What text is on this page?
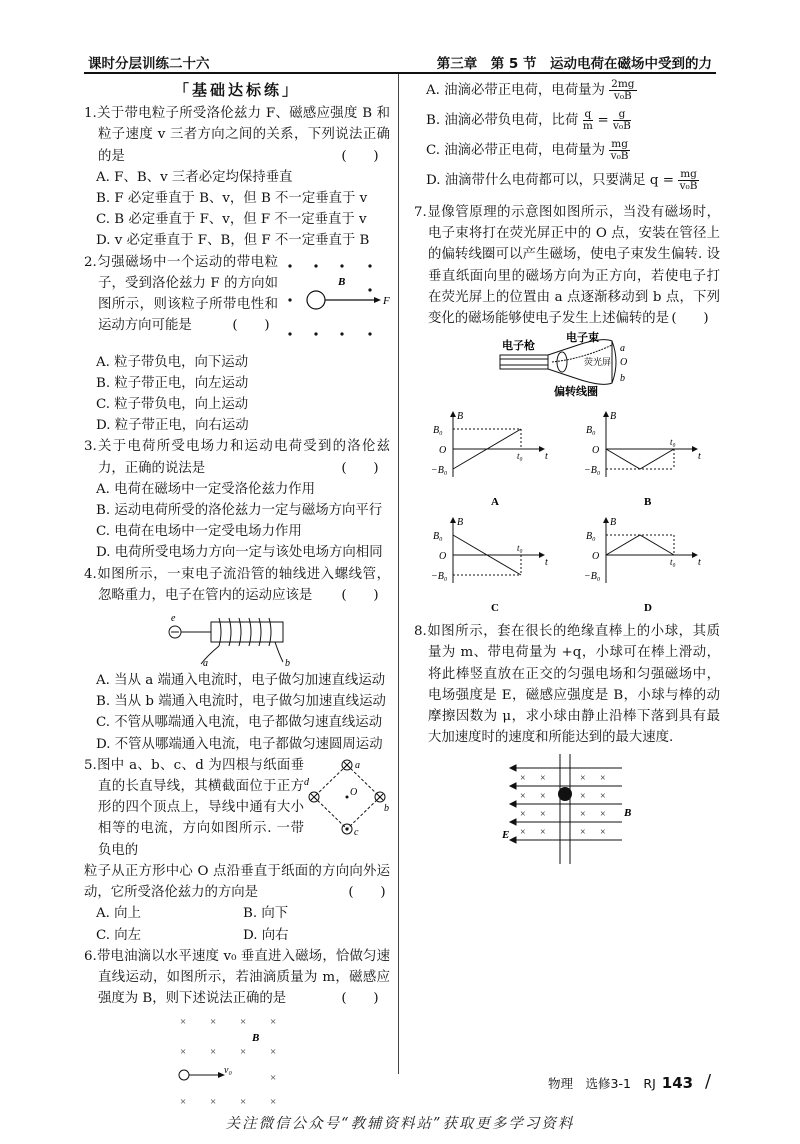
课时分层训练二十六	第三章　第 5 节　运动电荷在磁场中受到的力
「基础达标练」
1.关于带电粒子所受洛伦兹力 F、磁感应强度 B 和粒子速度 v 三者方向之间的关系，下列说法正确的是	(　　)
A. F、B、v 三者必定均保持垂直
B. F 必定垂直于 B、v，但 B 不一定垂直于 v
C. B 必定垂直于 F、v，但 F 不一定垂直于 v
D. v 必定垂直于 F、B，但 F 不一定垂直于 B
2.匀强磁场中一个运动的带电粒子，受到洛伦兹力 F 的方向如图所示，则该粒子所带电性和运动方向可能是	(　　)
F
B
A. 粒子带负电，向下运动
B. 粒子带正电，向左运动
C. 粒子带负电，向上运动
D. 粒子带正电，向右运动
3.关于电荷所受电场力和运动电荷受到的洛伦兹力，正确的说法是	(　　)
A. 电荷在磁场中一定受洛伦兹力作用
B. 运动电荷所受的洛伦兹力一定与磁场方向平行
C. 电荷在电场中一定受电场力作用
D. 电荷所受电场力方向一定与该处电场方向相同
4.如图所示，一束电子流沿管的轴线进入螺线管，忽略重力，电子在管内的运动应该是 (　　)
e
a	b
A. 当从 a 端通入电流时，电子做匀加速直线运动
B. 当从 b 端通入电流时，电子做匀加速直线运动
C. 不管从哪端通入电流，电子都做匀速直线运动
D. 不管从哪端通入电流，电子都做匀速圆周运动
5.图中 a、b、c、d 为四根与纸面垂直的长直导线，其横截面位于正方形的四个顶点上，导线中通有大小相等的电流，方向如图所示. 一带负电的
a
b
c
d
O
粒子从正方形中心 O 点沿垂直于纸面的方向向外运动，它所受洛伦兹力的方向是	(　　)
A. 向上	B. 向下
C. 向左	D. 向右
6.带电油滴以水平速度 v₀ 垂直进入磁场，恰做匀速直线运动，如图所示，若油滴质量为 m，磁感应强度为 B，则下述说法正确的是	(　　)
× × × ×
× × × ×
×
× × × ×
B
v₀
A. 油滴必带正电荷，电荷量为 $\frac{2mg}{\text{v₀B}}$
B. 油滴必带负电荷，比荷 $\frac{q}{m} = \frac{g}{\text{v₀B}}$
C. 油滴必带正电荷，电荷量为 $\frac{mg}{\text{v₀B}}$
D. 油滴带什么电荷都可以，只要满足 $q = \frac{mg}{\text{v₀B}}$
7.显像管原理的示意图如图所示，当没有磁场时，电子束将打在荧光屏正中的 O 点，安装在管径上的偏转线圈可以产生磁场，使电子束发生偏转. 设垂直纸面向里的磁场方向为正方向，若使电子打在荧光屏上的位置由 a 点逐渐移动到 b 点，下列变化的磁场能够使电子发生上述偏转的是 (　　)
电子枪
电子束
荧光屏
偏转线圈
a
O
b
B
t
B₀
O
−B₀
t₀
A
B
t
B₀
O
−B₀
t₀
B
B
t
B₀
O
−B₀
t₀
C
B
t
B₀
O
−B₀
t₀
D
8.如图所示，套在很长的绝缘直棒上的小球，其质量为 m、带电荷量为 +q，小球可在棒上滑动，将此棒竖直放在正交的匀强电场和匀强磁场中，电场强度是 E，磁感应强度是 B，小球与棒的动摩擦因数为 μ，求小球由静止沿棒下落到具有最大加速度时的速度和所能达到的最大速度.
× ×	× ×
× ×	× ×
× ×	× ×
× ×	× ×
E
B
物理　选修3-1　RJ 143 /
关注微信公众号“教辅资料站”获取更多学习资料
